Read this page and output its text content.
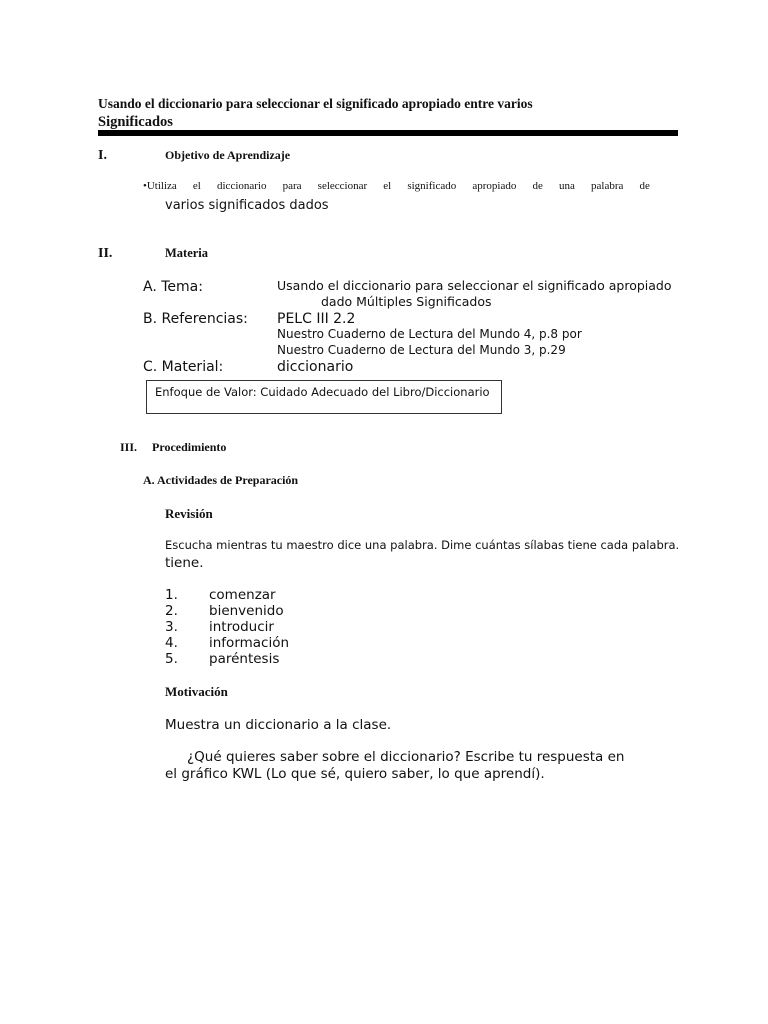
Usando el diccionario para seleccionar el significado apropiado entre varios
Significados
I.	Objetivo de Aprendizaje
•Utiliza el diccionario para seleccionar el significado apropiado de una palabra de
varios significados dados
II.	Materia
A. Tema:	Usando el diccionario para seleccionar el significado apropiado
dado Múltiples Significados
B. Referencias: PELC III 2.2
Nuestro Cuaderno de Lectura del Mundo 4, p.8 por
Nuestro Cuaderno de Lectura del Mundo 3, p.29
C. Material:	diccionario
Enfoque de Valor: Cuidado Adecuado del Libro/Diccionario
III. Procedimiento
A. Actividades de Preparación
Revisión
Escucha mientras tu maestro dice una palabra. Dime cuántas sílabas tiene cada palabra.
tiene.
1. comenzar
2. bienvenido
3. introducir
4. información
5. paréntesis
Motivación
Muestra un diccionario a la clase.
¿Qué quieres saber sobre el diccionario? Escribe tu respuesta en
el gráfico KWL (Lo que sé, quiero saber, lo que aprendí).
